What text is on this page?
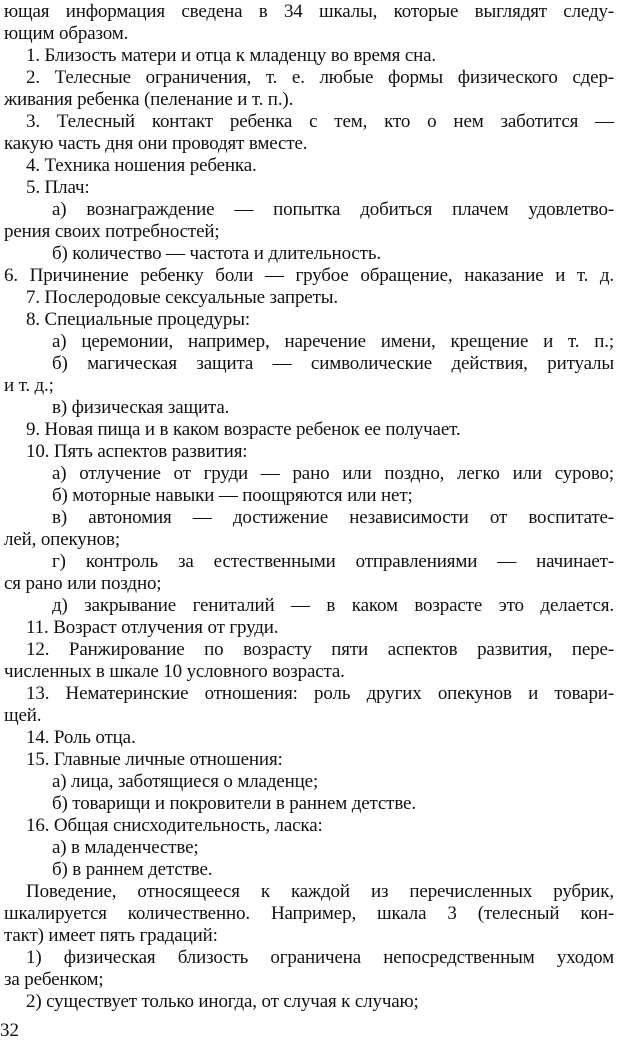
ющая информация сведена в 34 шкалы, которые выглядят следу-
ющим образом.
1. Близость матери и отца к младенцу во время сна.
2. Телесные ограничения, т. е. любые формы физического сдер-
живания ребенка (пеленание и т. п.).
3. Телесный контакт ребенка с тем, кто о нем заботится —
какую часть дня они проводят вместе.
4. Техника ношения ребенка.
5. Плач:
а) вознаграждение — попытка добиться плачем удовлетво-
рения своих потребностей;
б) количество — частота и длительность.
6. Причинение ребенку боли — грубое обращение, наказание и т. д.
7. Послеродовые сексуальные запреты.
8. Специальные процедуры:
а) церемонии, например, наречение имени, крещение и т. п.;
б) магическая защита — символические действия, ритуалы
и т. д.;
в) физическая защита.
9. Новая пища и в каком возрасте ребенок ее получает.
10. Пять аспектов развития:
а) отлучение от груди — рано или поздно, легко или сурово;
б) моторные навыки — поощряются или нет;
в) автономия — достижение независимости от воспитате-
лей, опекунов;
г) контроль за естественными отправлениями — начинает-
ся рано или поздно;
д) закрывание гениталий — в каком возрасте это делается.
11. Возраст отлучения от груди.
12. Ранжирование по возрасту пяти аспектов развития, пере-
численных в шкале 10 условного возраста.
13. Нематеринские отношения: роль других опекунов и товари-
щей.
14. Роль отца.
15. Главные личные отношения:
а) лица, заботящиеся о младенце;
б) товарищи и покровители в раннем детстве.
16. Общая снисходительность, ласка:
а) в младенчестве;
б) в раннем детстве.
Поведение, относящееся к каждой из перечисленных рубрик,
шкалируется количественно. Например, шкала 3 (телесный кон-
такт) имеет пять градаций:
1) физическая близость ограничена непосредственным уходом
за ребенком;
2) существует только иногда, от случая к случаю;
32
